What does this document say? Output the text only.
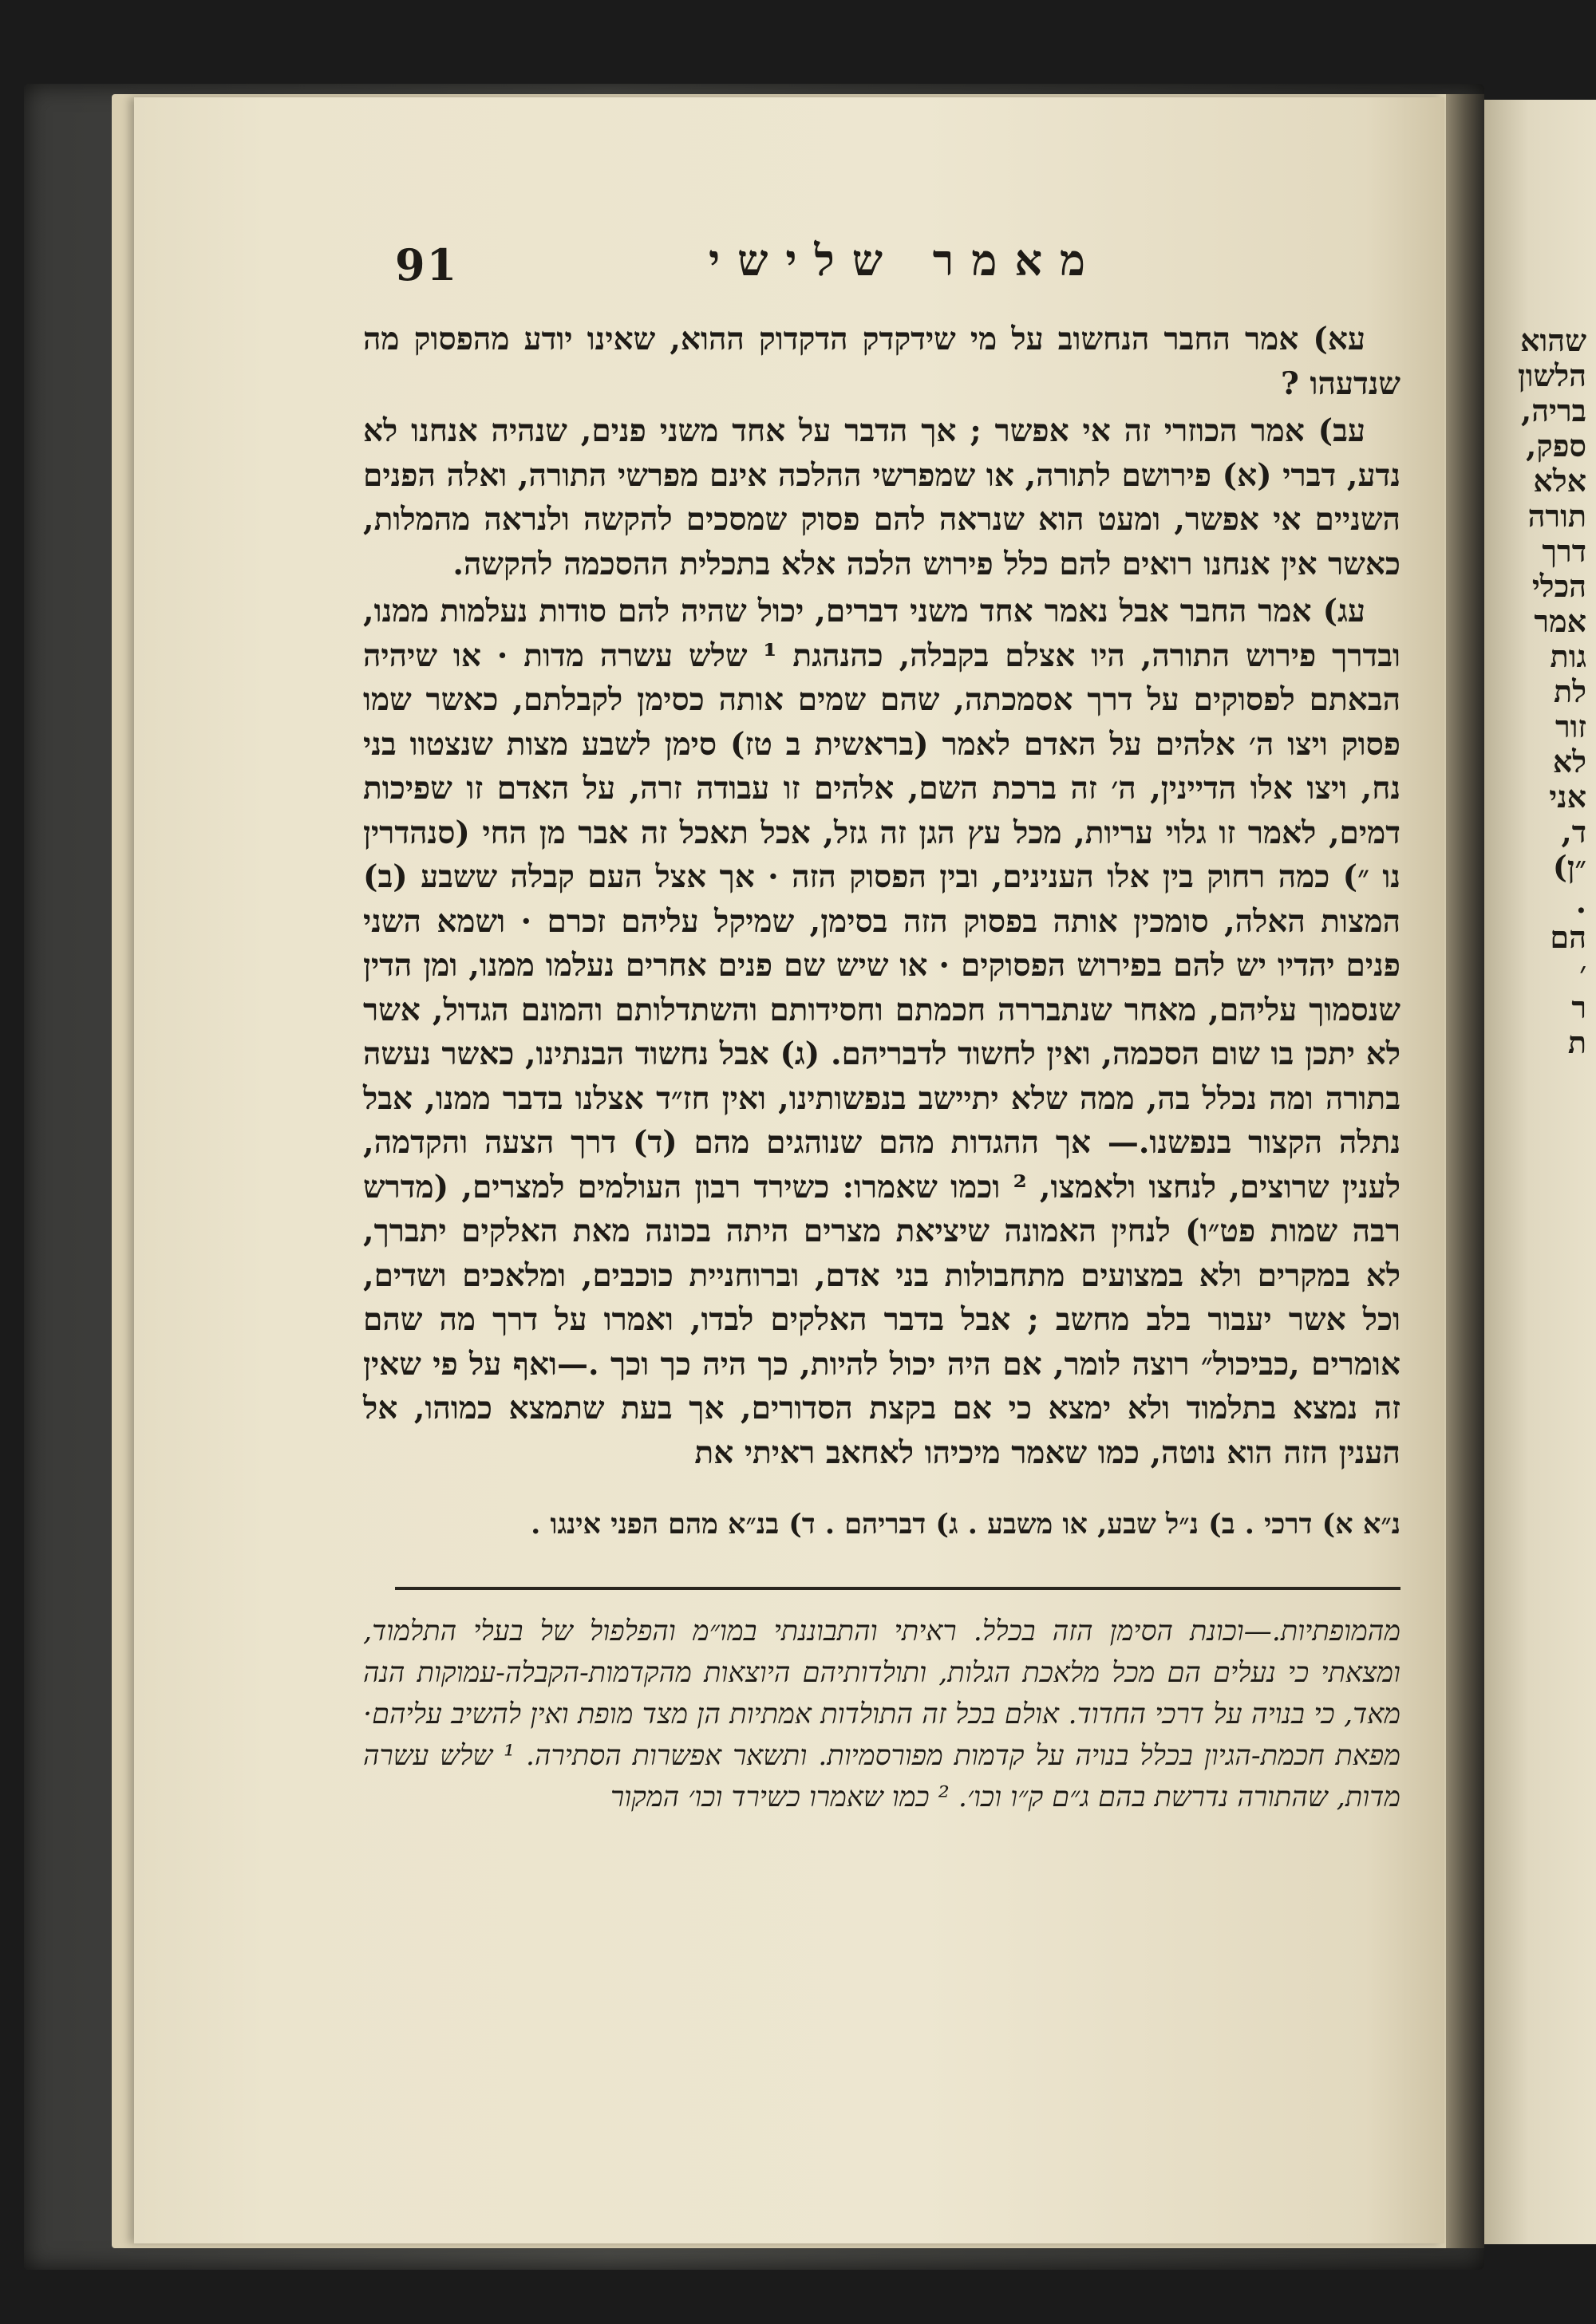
שהוא
הלשון
בריה,
ספק,
אלא
תורה
דרך
הכלי
אמר
גות
לת
זור
לא
אני
ד,
״ן)
.
הם
׳
ר
ת
91	מאמר שלישי

עא) אמר החבר הנחשוב על מי שידקדק הדקדוק ההוא, שאינו יודע מהפסוק מה שנדעהו ?

עב) אמר הכוזרי זה אי אפשר ; אך הדבר על אחד משני פנים, שנהיה אנחנו לא נדע, דברי (א) פירושם לתורה, או שמפרשי ההלכה אינם מפרשי התורה, ואלה הפנים השניים אי אפשר, ומעט הוא שנראה להם פסוק שמסכים להקשה ולנראה מהמלות, כאשר אין אנחנו רואים להם כלל פירוש הלכה אלא בתכלית ההסכמה להקשה.

עג) אמר החבר אבל נאמר אחד משני דברים, יכול שהיה להם סודות נעלמות ממנו, ובדרך פירוש התורה, היו אצלם בקבלה, כהנהגת ¹ שלש עשרה מדות · או שיהיה הבאתם לפסוקים על דרך אסמכתה, שהם שמים אותה כסימן לקבלתם, כאשר שמו פסוק ויצו ה׳ אלהים על האדם לאמר (בראשית ב טז) סימן לשבע מצות שנצטוו בני נח, ויצו אלו הדיינין, ה׳ זה ברכת השם, אלהים זו עבודה זרה, על האדם זו שפיכות דמים, לאמר זו גלוי עריות, מכל עץ הגן זה גזל, אכל תאכל זה אבר מן החי (סנהדרין נו ״) כמה רחוק בין אלו הענינים, ובין הפסוק הזה · אך אצל העם קבלה ששבע (ב) המצות האלה, סומכין אותה בפסוק הזה בסימן, שמיקל עליהם זכרם · ושמא השני פנים יהדיו יש להם בפירוש הפסוקים · או שיש שם פנים אחרים נעלמו ממנו, ומן הדין שנסמוך עליהם, מאחר שנתבררה חכמתם וחסידותם והשתדלותם והמונם הגדול, אשר לא יתכן בו שום הסכמה, ואין לחשוד לדבריהם. (ג) אבל נחשוד הבנתינו, כאשר נעשה בתורה ומה נכלל בה, ממה שלא יתיישב בנפשותינו, ואין חז״ד אצלנו בדבר ממנו, אבל נתלה הקצור בנפשנו.— אך ההגדות מהם שנוהגים מהם (ד) דרך הצעה והקדמה, לענין שרוצים, לנחצו ולאמצו, ² וכמו שאמרו: כשירד רבון העולמים למצרים, (מדרש רבה שמות פט״ו) לנחין האמונה שיציאת מצרים היתה בכונה מאת האלקים יתברך, לא במקרים ולא במצועים מתחבולות בני אדם, וברוחניית כוכבים, ומלאכים ושדים, וכל אשר יעבור בלב מחשב ; אבל בדבר האלקים לבדו, ואמרו על דרך מה שהם אומרים ,כביכול״ רוצה לומר, אם היה יכול להיות, כך היה כך וכך .—ואף על פי שאין זה נמצא בתלמוד ולא ימצא כי אם בקצת הסדורים, אך בעת שתמצא כמוהו, אל הענין הזה הוא נוטה, כמו שאמר מיכיהו לאחאב ראיתי את

נ״א א) דרכי . ב) נ״ל שבע, או משבע . ג) דבריהם . ד) בנ״א מהם הפני אינגו .
מהמופתיות.—וכונת הסימן הזה בכלל. ראיתי והתבוננתי במו״מ והפלפול של בעלי התלמוד, ומצאתי כי נעלים הם מכל מלאכת הגלות, ותולדותיהם היוצאות מהקדמות-הקבלה-עמוקות הנה מאד, כי בנויה על דרכי החדוד. אולם בכל זה התולדות אמתיות הן מצד מופת ואין להשיב עליהם· מפאת חכמת-הגיון בכלל בנויה על קדמות מפורסמיות. ותשאר אפשרות הסתירה. ¹ שלש עשרה מדות, שהתורה נדרשת בהם ג״ם ק״ו וכו׳. ² כמו שאמרו כשירד וכו׳ המקור
